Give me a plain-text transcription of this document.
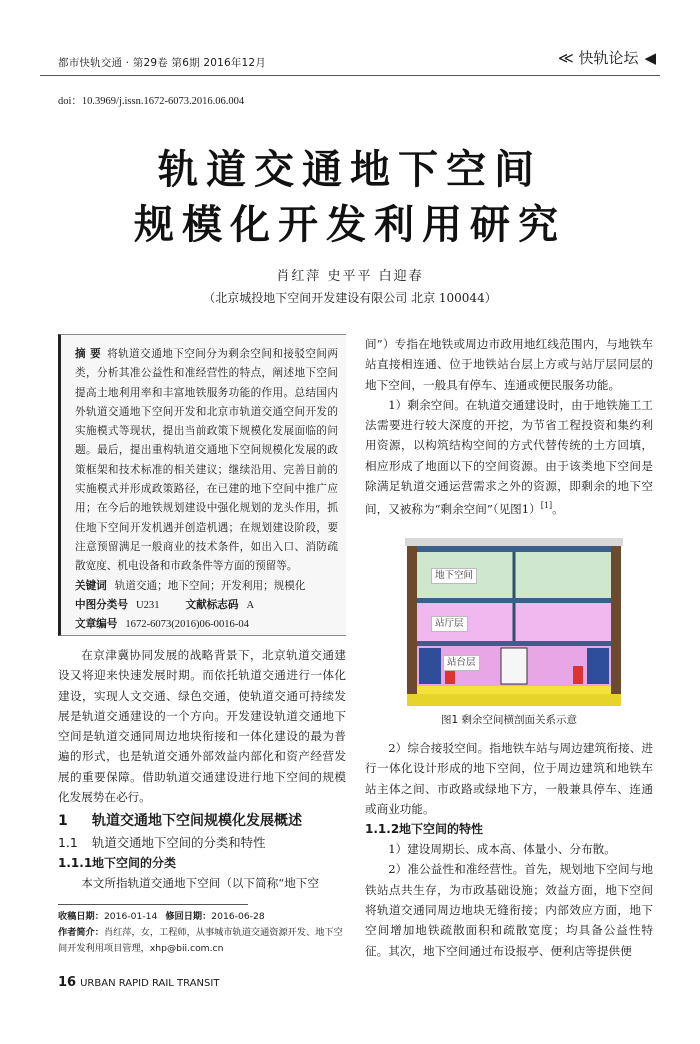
都市快轨交通 · 第29卷 第6期 2016年12月	≪ 快轨论坛 ◀
doi：10.3969/j.issn.1672-6073.2016.06.004
轨道交通地下空间
规模化开发利用研究
肖红萍 史平平 白迎春
（北京城投地下空间开发建设有限公司 北京 100044）
摘 要 将轨道交通地下空间分为剩余空间和接驳空间两类，分析其准公益性和准经营性的特点，阐述地下空间提高土地利用率和丰富地铁服务功能的作用。总结国内外轨道交通地下空间开发和北京市轨道交通空间开发的实施模式等现状，提出当前政策下规模化发展面临的问题。最后，提出重构轨道交通地下空间规模化发展的政策框架和技术标准的相关建议；继续沿用、完善目前的实施模式并形成政策路径，在已建的地下空间中推广应用；在今后的地铁规划建设中强化规划的龙头作用，抓住地下空间开发机遇并创造机遇；在规划建设阶段，要注意预留满足一般商业的技术条件，如出入口、消防疏散宽度、机电设备和市政条件等方面的预留等。
关键词 轨道交通；地下空间；开发利用；规模化
中图分类号 U231 文献标志码 A
文章编号 1672-6073(2016)06-0016-04

在京津冀协同发展的战略背景下，北京轨道交通建设又将迎来快速发展时期。而依托轨道交通进行一体化建设，实现人文交通、绿色交通，使轨道交通可持续发展是轨道交通建设的一个方向。开发建设轨道交通地下空间是轨道交通同周边地块衔接和一体化建设的最为普遍的形式，也是轨道交通外部效益内部化和资产经营发展的重要保障。借助轨道交通建设进行地下空间的规模化发展势在必行。

1 轨道交通地下空间规模化发展概述
1.1 轨道交通地下空间的分类和特性
1.1.1地下空间的分类

本文所指轨道交通地下空间（以下简称“地下空

间”）专指在地铁或周边市政用地红线范围内，与地铁车站直接相连通、位于地铁站台层上方或与站厅层同层的地下空间，一般具有停车、连通或便民服务功能。

1）剩余空间。在轨道交通建设时，由于地铁施工工法需要进行较大深度的开挖，为节省工程投资和集约利用资源，以构筑结构空间的方式代替传统的土方回填，相应形成了地面以下的空间资源。由于该类地下空间是除满足轨道交通运营需求之外的资源，即剩余的地下空间，又被称为“剩余空间”（见图1）[1]。

地下空间
站厅层
站台层
图1 剩余空间横剖面关系示意

2）综合接驳空间。指地铁车站与周边建筑衔接、进行一体化设计形成的地下空间，位于周边建筑和地铁车站主体之间、市政路或绿地下方，一般兼具停车、连通或商业功能。

1.1.2地下空间的特性

1）建设周期长、成本高、体量小、分布散。

2）准公益性和准经营性。首先，规划地下空间与地铁站点共生存，为市政基础设施；效益方面，地下空间将轨道交通同周边地块无缝衔接；内部效应方面，地下空间增加地铁疏散面积和疏散宽度；均具备公益性特征。其次，地下空间通过布设报亭、便利店等提供便

收稿日期：2016-01-14 修回日期：2016-06-28
作者简介：肖红萍，女，工程师，从事城市轨道交通资源开发、地下空间开发利用项目管理，xhp@bii.com.cn
16 URBAN RAPID RAIL TRANSIT
